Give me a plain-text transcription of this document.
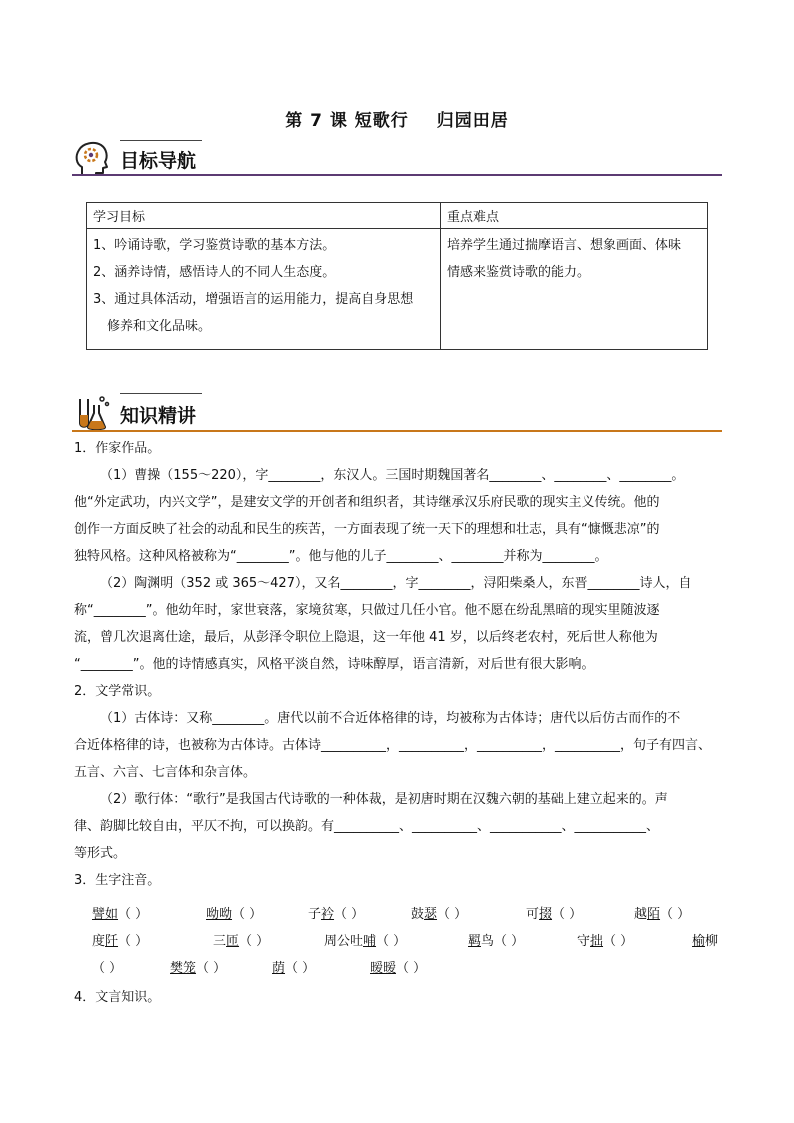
第 7 课 短歌行 归园田居
目标导航
学习目标	重点难点

1、吟诵诗歌，学习鉴赏诗歌的基本方法。
2、涵养诗情，感悟诗人的不同人生态度。
3、通过具体活动，增强语言的运用能力，提高自身思想
修养和文化品味。	培养学生通过揣摩语言、想象画面、体味
情感来鉴赏诗歌的能力。
知识精讲

1．作家作品。

（1）曹操（155～220），字________，东汉人。三国时期魏国著名________、________、________。

他“外定武功，内兴文学”，是建安文学的开创者和组织者，其诗继承汉乐府民歌的现实主义传统。他的

创作一方面反映了社会的动乱和民生的疾苦，一方面表现了统一天下的理想和壮志，具有“慷慨悲凉”的

独特风格。这种风格被称为“________”。他与他的儿子________、________并称为________。

（2）陶渊明（352 或 365～427），又名________，字________，浔阳柴桑人，东晋________诗人，自

称“________”。他幼年时，家世衰落，家境贫寒，只做过几任小官。他不愿在纷乱黑暗的现实里随波逐

流，曾几次退离仕途，最后，从彭泽令职位上隐退，这一年他 41 岁，以后终老农村，死后世人称他为

“________”。他的诗情感真实，风格平淡自然，诗味醇厚，语言清新，对后世有很大影响。

2．文学常识。

（1）古体诗：又称________。唐代以前不合近体格律的诗，均被称为古体诗；唐代以后仿古而作的不

合近体格律的诗，也被称为古体诗。古体诗__________，__________，__________，__________，句子有四言、

五言、六言、七言体和杂言体。

（2）歌行体：“歌行”是我国古代诗歌的一种体裁，是初唐时期在汉魏六朝的基础上建立起来的。声

律、韵脚比较自由，平仄不拘，可以换韵。有__________、__________、___________、___________、

等形式。

3．生字注音。

譬如（ ）	呦呦（ ）	子衿（ ）	鼓瑟（ ）	可掇（ ）	越陌（ ）
度阡（ ）	三匝（ ）	周公吐哺（ ）	羁鸟（ ）	守拙（ ）	榆柳
（ ）	樊笼（ ）	荫（ ）	暧暧（ ）

4．文言知识。
